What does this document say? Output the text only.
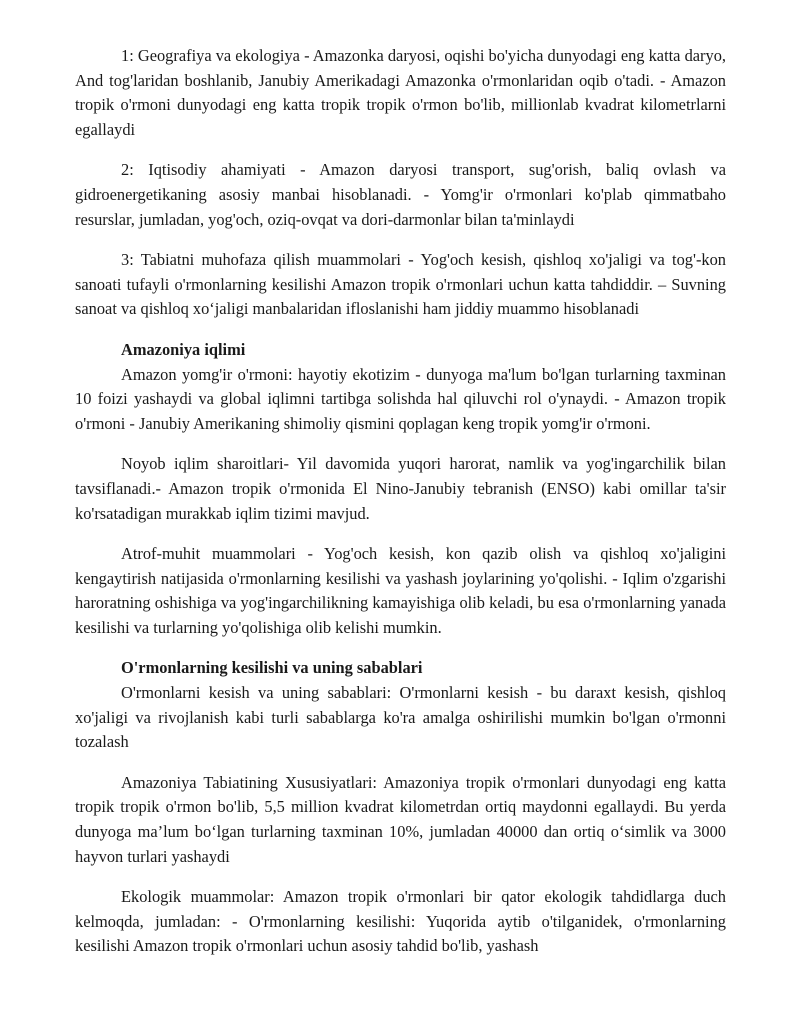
1: Geografiya va ekologiya - Amazonka daryosi, oqishi bo'yicha dunyodagi eng katta daryo, And tog'laridan boshlanib, Janubiy Amerikadagi Amazonka o'rmonlaridan oqib o'tadi. - Amazon tropik o'rmoni dunyodagi eng katta tropik tropik o'rmon bo'lib, millionlab kvadrat kilometrlarni egallaydi

2: Iqtisodiy ahamiyati - Amazon daryosi transport, sug'orish, baliq ovlash va gidroenergetikaning asosiy manbai hisoblanadi. - Yomg'ir o'rmonlari ko'plab qimmatbaho resurslar, jumladan, yog'och, oziq-ovqat va dori-darmonlar bilan ta'minlaydi

3: Tabiatni muhofaza qilish muammolari - Yog'och kesish, qishloq xo'jaligi va tog'-kon sanoati tufayli o'rmonlarning kesilishi Amazon tropik o'rmonlari uchun katta tahdiddir. – Suvning sanoat va qishloq xo‘jaligi manbalaridan ifloslanishi ham jiddiy muammo hisoblanadi

Amazoniya iqlimi

Amazon yomg'ir o'rmoni: hayotiy ekotizim - dunyoga ma'lum bo'lgan turlarning taxminan 10 foizi yashaydi va global iqlimni tartibga solishda hal qiluvchi rol o'ynaydi. - Amazon tropik o'rmoni - Janubiy Amerikaning shimoliy qismini qoplagan keng tropik yomg'ir o'rmoni.

Noyob iqlim sharoitlari- Yil davomida yuqori harorat, namlik va yog'ingarchilik bilan tavsiflanadi.- Amazon tropik o'rmonida El Nino-Janubiy tebranish (ENSO) kabi omillar ta'sir ko'rsatadigan murakkab iqlim tizimi mavjud.

Atrof-muhit muammolari - Yog'och kesish, kon qazib olish va qishloq xo'jaligini kengaytirish natijasida o'rmonlarning kesilishi va yashash joylarining yo'qolishi. - Iqlim o'zgarishi haroratning oshishiga va yog'ingarchilikning kamayishiga olib keladi, bu esa o'rmonlarning yanada kesilishi va turlarning yo'qolishiga olib kelishi mumkin.

O'rmonlarning kesilishi va uning sabablari

O'rmonlarni kesish va uning sabablari: O'rmonlarni kesish - bu daraxt kesish, qishloq xo'jaligi va rivojlanish kabi turli sabablarga ko'ra amalga oshirilishi mumkin bo'lgan o'rmonni tozalash

Amazoniya Tabiatining Xususiyatlari: Amazoniya tropik o'rmonlari dunyodagi eng katta tropik tropik o'rmon bo'lib, 5,5 million kvadrat kilometrdan ortiq maydonni egallaydi. Bu yerda dunyoga ma’lum bo‘lgan turlarning taxminan 10%, jumladan 40000 dan ortiq o‘simlik va 3000 hayvon turlari yashaydi

Ekologik muammolar: Amazon tropik o'rmonlari bir qator ekologik tahdidlarga duch kelmoqda, jumladan: - O'rmonlarning kesilishi: Yuqorida aytib o'tilganidek, o'rmonlarning kesilishi Amazon tropik o'rmonlari uchun asosiy tahdid bo'lib, yashash
